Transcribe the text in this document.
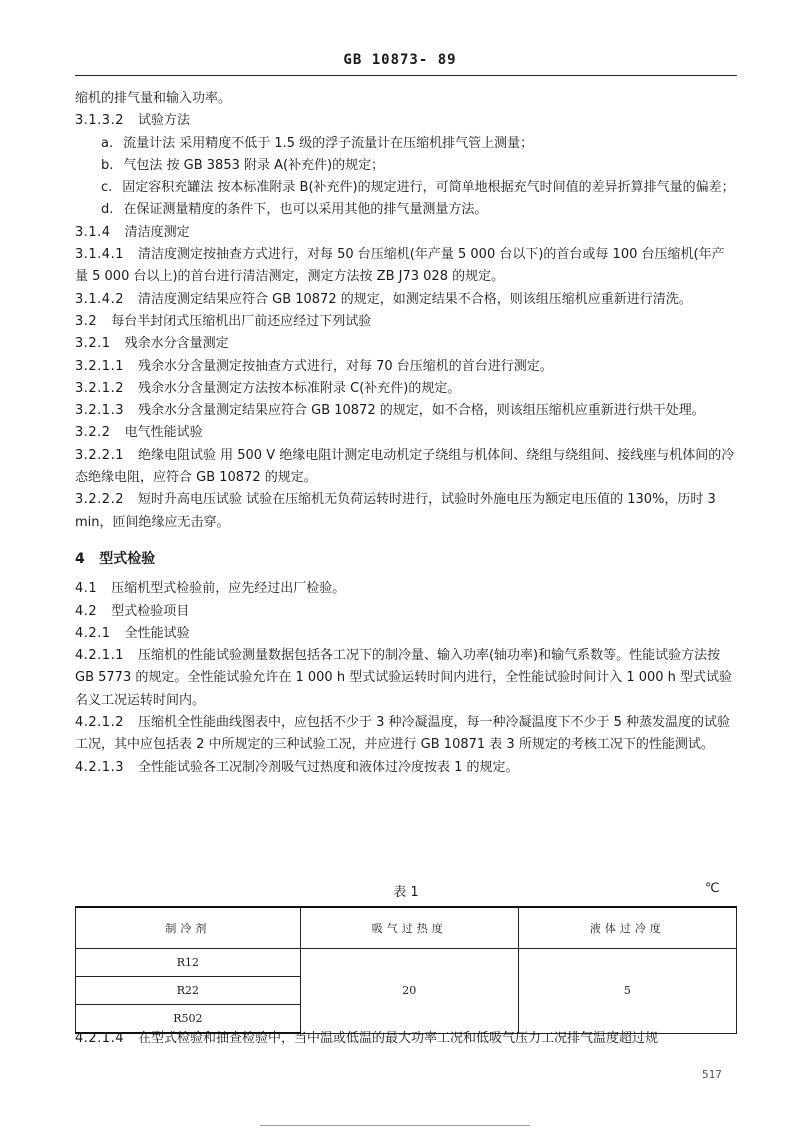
GB 10873- 89

缩机的排气量和输入功率。

3.1.3.2 试验方法

a. 流量计法 采用精度不低于 1.5 级的浮子流量计在压缩机排气管上测量；

b. 气包法 按 GB 3853 附录 A(补充件)的规定；

c. 固定容积充罐法 按本标准附录 B(补充件)的规定进行，可简单地根据充气时间值的差异折算排气量的偏差；

d. 在保证测量精度的条件下，也可以采用其他的排气量测量方法。

3.1.4 清洁度测定

3.1.4.1 清洁度测定按抽查方式进行，对每 50 台压缩机(年产量 5 000 台以下)的首台或每 100 台压缩机(年产量 5 000 台以上)的首台进行清洁测定，测定方法按 ZB J73 028 的规定。

3.1.4.2 清洁度测定结果应符合 GB 10872 的规定，如测定结果不合格，则该组压缩机应重新进行清洗。

3.2 每台半封闭式压缩机出厂前还应经过下列试验

3.2.1 残余水分含量测定

3.2.1.1 残余水分含量测定按抽查方式进行，对每 70 台压缩机的首台进行测定。

3.2.1.2 残余水分含量测定方法按本标准附录 C(补充件)的规定。

3.2.1.3 残余水分含量测定结果应符合 GB 10872 的规定，如不合格，则该组压缩机应重新进行烘干处理。

3.2.2 电气性能试验

3.2.2.1 绝缘电阻试验 用 500 V 绝缘电阻计测定电动机定子绕组与机体间、绕组与绕组间、接线座与机体间的冷态绝缘电阻，应符合 GB 10872 的规定。

3.2.2.2 短时升高电压试验 试验在压缩机无负荷运转时进行，试验时外施电压为额定电压值的 130%，历时 3 min，匝间绝缘应无击穿。

4 型式检验

4.1 压缩机型式检验前，应先经过出厂检验。

4.2 型式检验项目

4.2.1 全性能试验

4.2.1.1 压缩机的性能试验测量数据包括各工况下的制冷量、输入功率(轴功率)和输气系数等。性能试验方法按 GB 5773 的规定。全性能试验允许在 1 000 h 型式试验运转时间内进行，全性能试验时间计入 1 000 h 型式试验名义工况运转时间内。

4.2.1.2 压缩机全性能曲线图表中，应包括不少于 3 种冷凝温度，每一种冷凝温度下不少于 5 种蒸发温度的试验工况，其中应包括表 2 中所规定的三种试验工况，并应进行 GB 10871 表 3 所规定的考核工况下的性能测试。

4.2.1.3 全性能试验各工况制冷剂吸气过热度和液体过冷度按表 1 的规定。

表 1	℃
制冷剂	吸气过热度	液体过冷度
R12	20	5
R22		
R502		
4.2.1.4 在型式检验和抽查检验中，当中温或低温的最大功率工况和低吸气压力工况排气温度超过规
517
